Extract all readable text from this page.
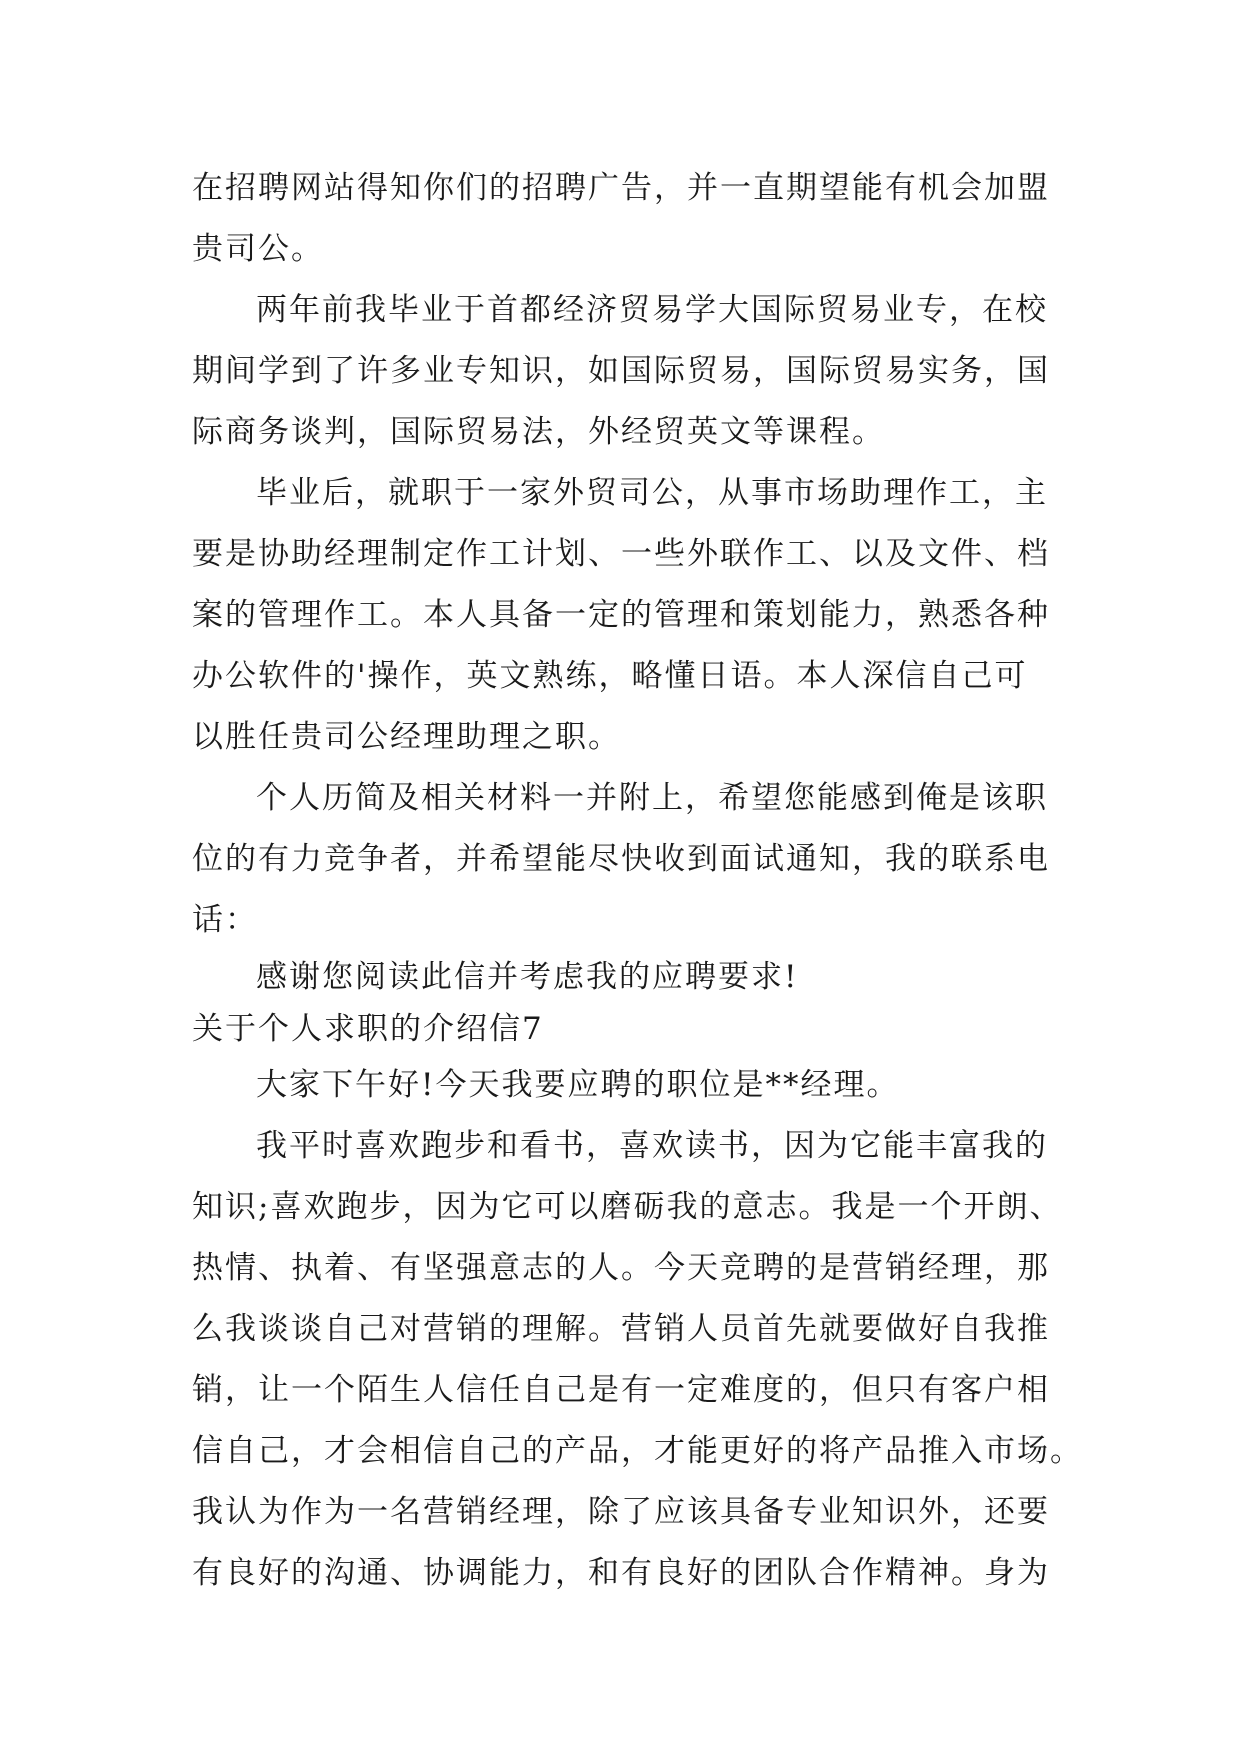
在招聘网站得知你们的招聘广告，并一直期望能有机会加盟
贵司公。
两年前我毕业于首都经济贸易学大国际贸易业专，在校
期间学到了许多业专知识，如国际贸易，国际贸易实务，国
际商务谈判，国际贸易法，外经贸英文等课程。
毕业后，就职于一家外贸司公，从事市场助理作工，主
要是协助经理制定作工计划、一些外联作工、以及文件、档
案的管理作工。本人具备一定的管理和策划能力，熟悉各种
办公软件的'操作，英文熟练，略懂日语。本人深信自己可
以胜任贵司公经理助理之职。
个人历简及相关材料一并附上，希望您能感到俺是该职
位的有力竞争者，并希望能尽快收到面试通知，我的联系电
话：
感谢您阅读此信并考虑我的应聘要求!
关于个人求职的介绍信7
大家下午好!今天我要应聘的职位是**经理。
我平时喜欢跑步和看书，喜欢读书，因为它能丰富我的
知识;喜欢跑步，因为它可以磨砺我的意志。我是一个开朗、
热情、执着、有坚强意志的人。今天竞聘的是营销经理，那
么我谈谈自己对营销的理解。营销人员首先就要做好自我推
销，让一个陌生人信任自己是有一定难度的，但只有客户相
信自己，才会相信自己的产品，才能更好的将产品推入市场。
我认为作为一名营销经理，除了应该具备专业知识外，还要
有良好的沟通、协调能力，和有良好的团队合作精神。身为
